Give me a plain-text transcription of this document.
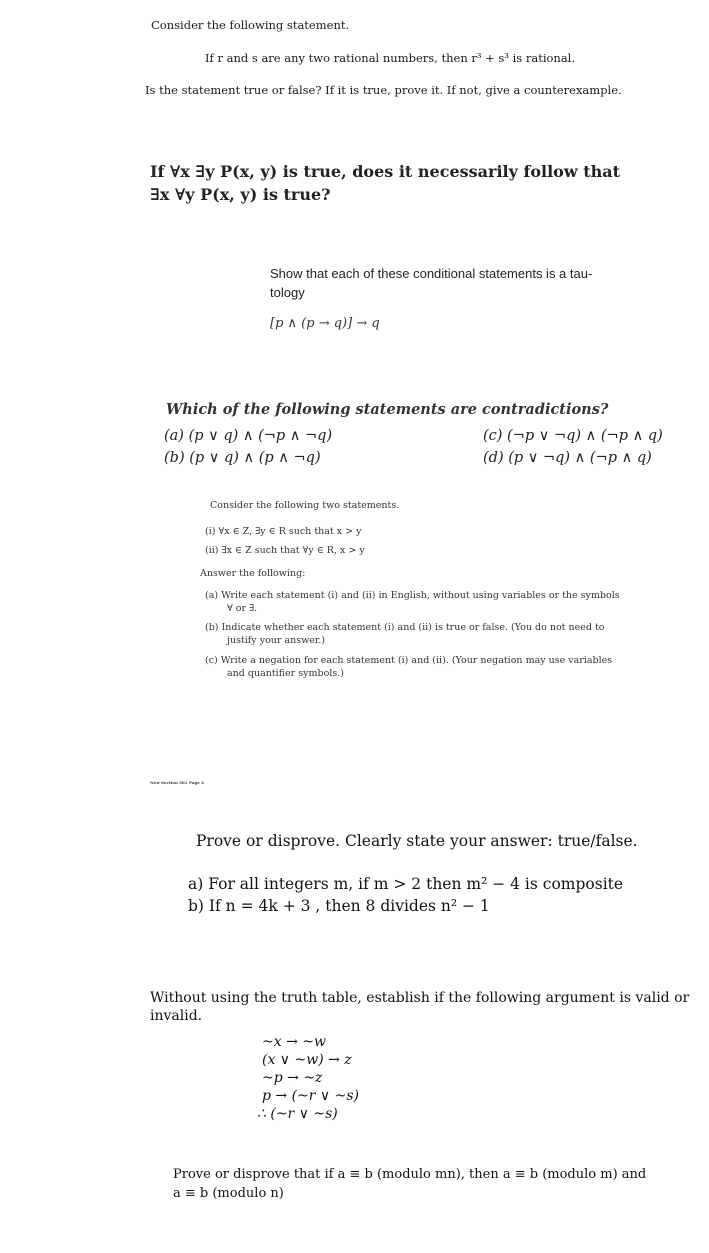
Consider the following statement.
If r and s are any two rational numbers, then r³ + s³ is rational.
Is the statement true or false? If it is true, prove it. If not, give a counterexample.
If ∀x ∃y P(x, y) is true, does it necessarily follow that
∃x ∀y P(x, y) is true?
Show that each of these conditional statements is a tau-
tology
[p ∧ (p → q)] → q
Which of the following statements are contradictions?
(a) (p ∨ q) ∧ (¬p ∧ ¬q)
(b) (p ∨ q) ∧ (p ∧ ¬q)
(c) (¬p ∨ ¬q) ∧ (¬p ∧ q)
(d) (p ∨ ¬q) ∧ (¬p ∧ q)
Consider the following two statements.
(i) ∀x ∈ Z, ∃y ∈ R such that x > y
(ii) ∃x ∈ Z such that ∀y ∈ R, x > y
Answer the following:
(a) Write each statement (i) and (ii) in English, without using variables or the symbols
∀ or ∃.
(b) Indicate whether each statement (i) and (ii) is true or false. (You do not need to
justify your answer.)
(c) Write a negation for each statement (i) and (ii). (Your negation may use variables
and quantifier symbols.)
New Section 561 Page 2
Prove or disprove. Clearly state your answer: true/false.
a) For all integers m, if m > 2 then m² − 4 is composite
b) If n = 4k + 3 , then 8 divides n² − 1
Without using the truth table, establish if the following argument is valid or
invalid.
~x → ~w
(x ∨ ~w) → z
~p → ~z
p → (~r ∨ ~s)
∴ (~r ∨ ~s)
Prove or disprove that if a ≡ b (modulo mn), then a ≡ b (modulo m) and
a ≡ b (modulo n)
